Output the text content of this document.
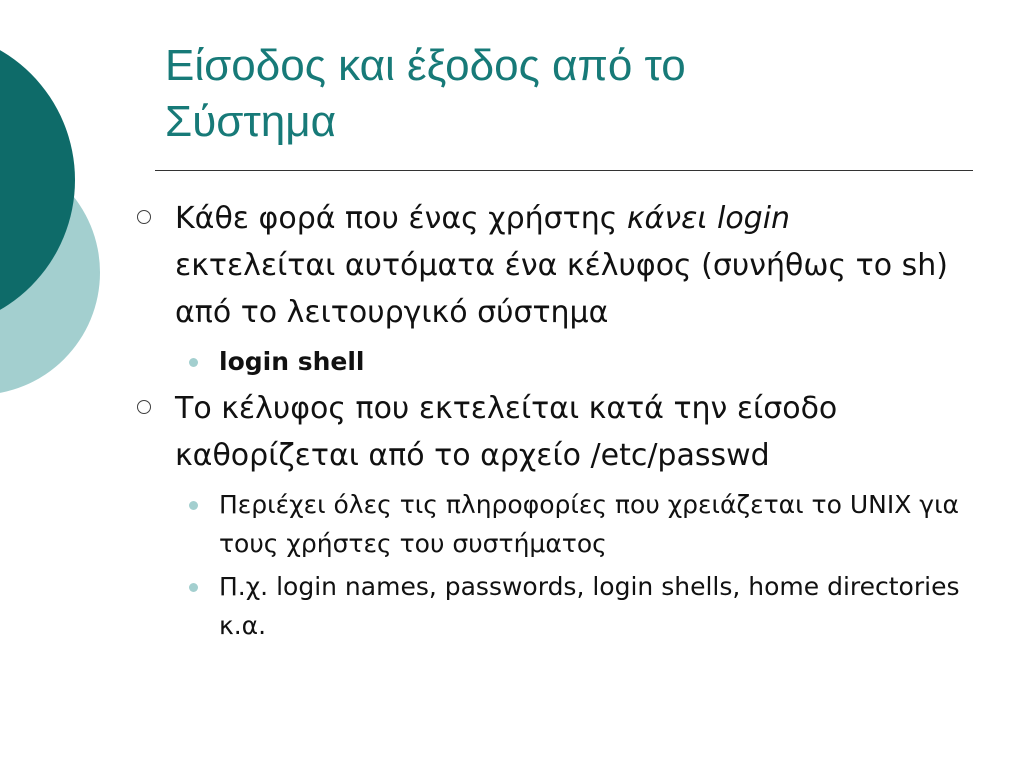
Είσοδος και έξοδος από το
Σύστημα
Κάθε φορά που ένας χρήστης κάνει login
εκτελείται αυτόματα ένα κέλυφος (συνήθως το sh) από το λειτουργικό σύστημα
login shell
Το κέλυφος που εκτελείται κατά την είσοδο καθορίζεται από το αρχείο /etc/passwd
Περιέχει όλες τις πληροφορίες που χρειάζεται το UNIX για τους χρήστες του συστήματος
Π.χ. login names, passwords, login shells, home directories κ.α.
